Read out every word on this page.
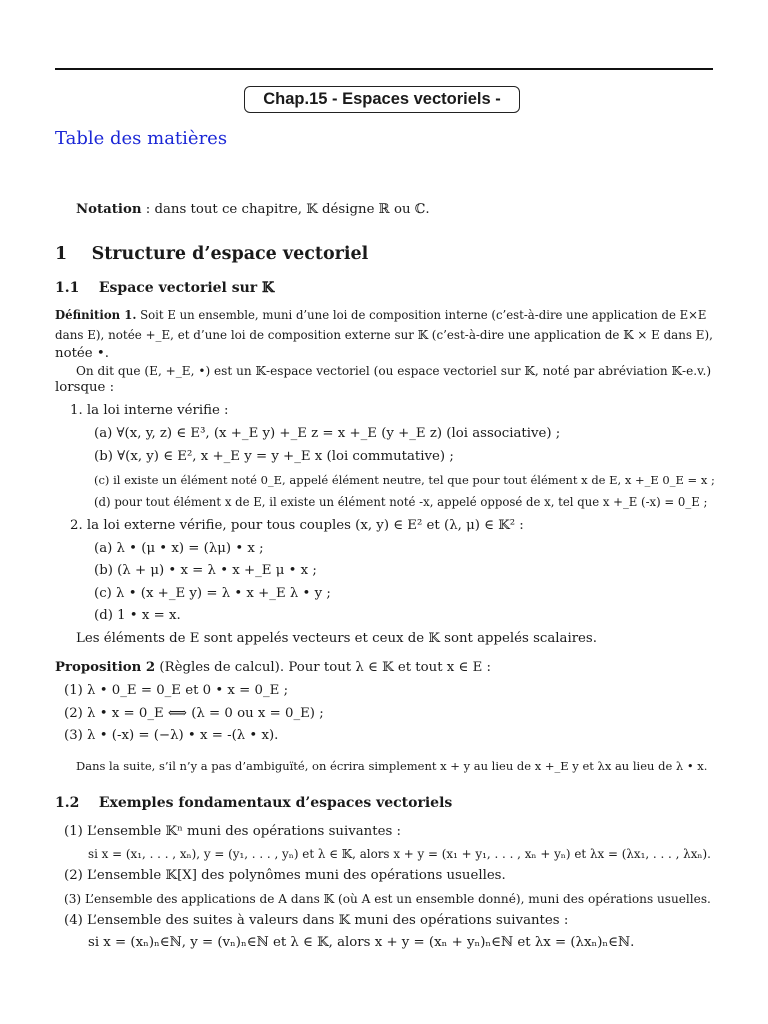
Chap.15 - Espaces vectoriels -
Table des matières
Notation : dans tout ce chapitre, 𝕂 désigne ℝ ou ℂ.
1 Structure d’espace vectoriel
1.1 Espace vectoriel sur 𝕂
Définition 1. Soit E un ensemble, muni d’une loi de composition interne (c’est-à-dire une application de E×E
dans E), notée +_E, et d’une loi de composition externe sur 𝕂 (c’est-à-dire une application de 𝕂 × E dans E),
notée •.
On dit que (E, +_E, •) est un 𝕂-espace vectoriel (ou espace vectoriel sur 𝕂, noté par abréviation 𝕂-e.v.)
lorsque :
1. la loi interne vérifie :
(a) ∀(x, y, z) ∈ E³, (x +_E y) +_E z = x +_E (y +_E z) (loi associative) ;
(b) ∀(x, y) ∈ E², x +_E y = y +_E x (loi commutative) ;
(c) il existe un élément noté 0_E, appelé élément neutre, tel que pour tout élément x de E, x +_E 0_E = x ;
(d) pour tout élément x de E, il existe un élément noté -x, appelé opposé de x, tel que x +_E (-x) = 0_E ;
2. la loi externe vérifie, pour tous couples (x, y) ∈ E² et (λ, μ) ∈ 𝕂² :
(a) λ • (μ • x) = (λμ) • x ;
(b) (λ + μ) • x = λ • x +_E μ • x ;
(c) λ • (x +_E y) = λ • x +_E λ • y ;
(d) 1 • x = x.
Les éléments de E sont appelés vecteurs et ceux de 𝕂 sont appelés scalaires.
Proposition 2 (Règles de calcul). Pour tout λ ∈ 𝕂 et tout x ∈ E :
(1) λ • 0_E = 0_E et 0 • x = 0_E ;
(2) λ • x = 0_E ⟺ (λ = 0 ou x = 0_E) ;
(3) λ • (-x) = (−λ) • x = -(λ • x).
Dans la suite, s’il n’y a pas d’ambiguïté, on écrira simplement x + y au lieu de x +_E y et λx au lieu de λ • x.
1.2 Exemples fondamentaux d’espaces vectoriels
(1) L’ensemble 𝕂ⁿ muni des opérations suivantes :
si x = (x₁, . . . , xₙ), y = (y₁, . . . , yₙ) et λ ∈ 𝕂, alors x + y = (x₁ + y₁, . . . , xₙ + yₙ) et λx = (λx₁, . . . , λxₙ).
(2) L’ensemble 𝕂[X] des polynômes muni des opérations usuelles.
(3) L’ensemble des applications de A dans 𝕂 (où A est un ensemble donné), muni des opérations usuelles.
(4) L’ensemble des suites à valeurs dans 𝕂 muni des opérations suivantes :
si x = (xₙ)ₙ∈ℕ, y = (vₙ)ₙ∈ℕ et λ ∈ 𝕂, alors x + y = (xₙ + yₙ)ₙ∈ℕ et λx = (λxₙ)ₙ∈ℕ.
